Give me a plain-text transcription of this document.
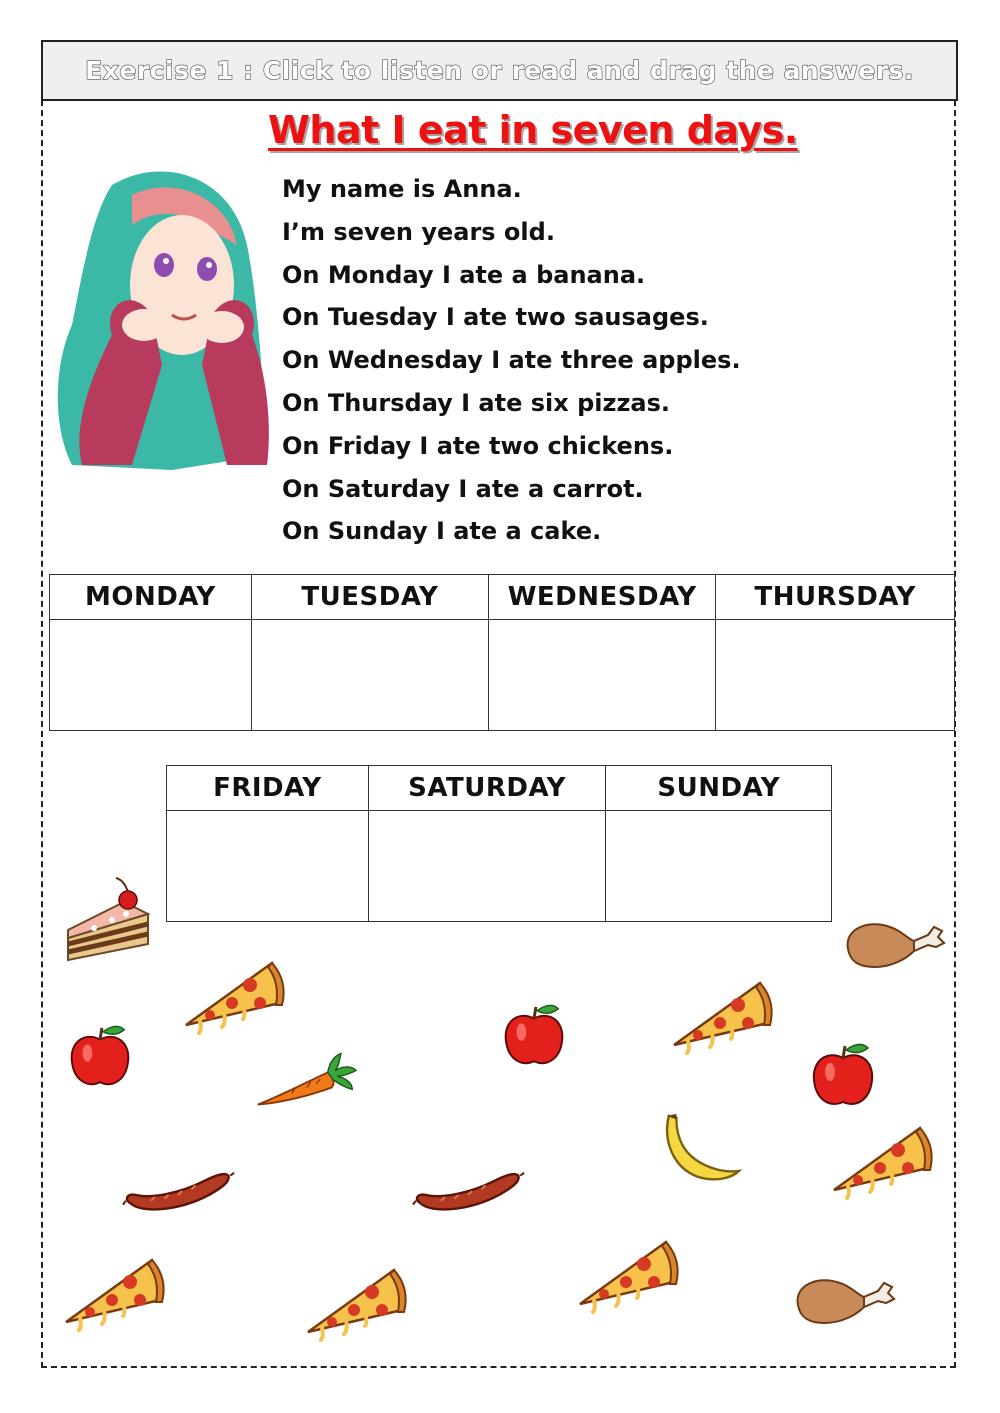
Exercise 1 : Click to listen or read and drag the answers.
What I eat in seven days.
My name is Anna.
I’m seven years old.
On Monday I ate a banana.
On Tuesday I ate two sausages.
On Wednesday I ate three apples.
On Thursday I ate six pizzas.
On Friday I ate two chickens.
On Saturday I ate a carrot.
On Sunday I ate a cake.
MONDAY	TUESDAY	WEDNESDAY	THURSDAY

FRIDAY	SATURDAY	SUNDAY
